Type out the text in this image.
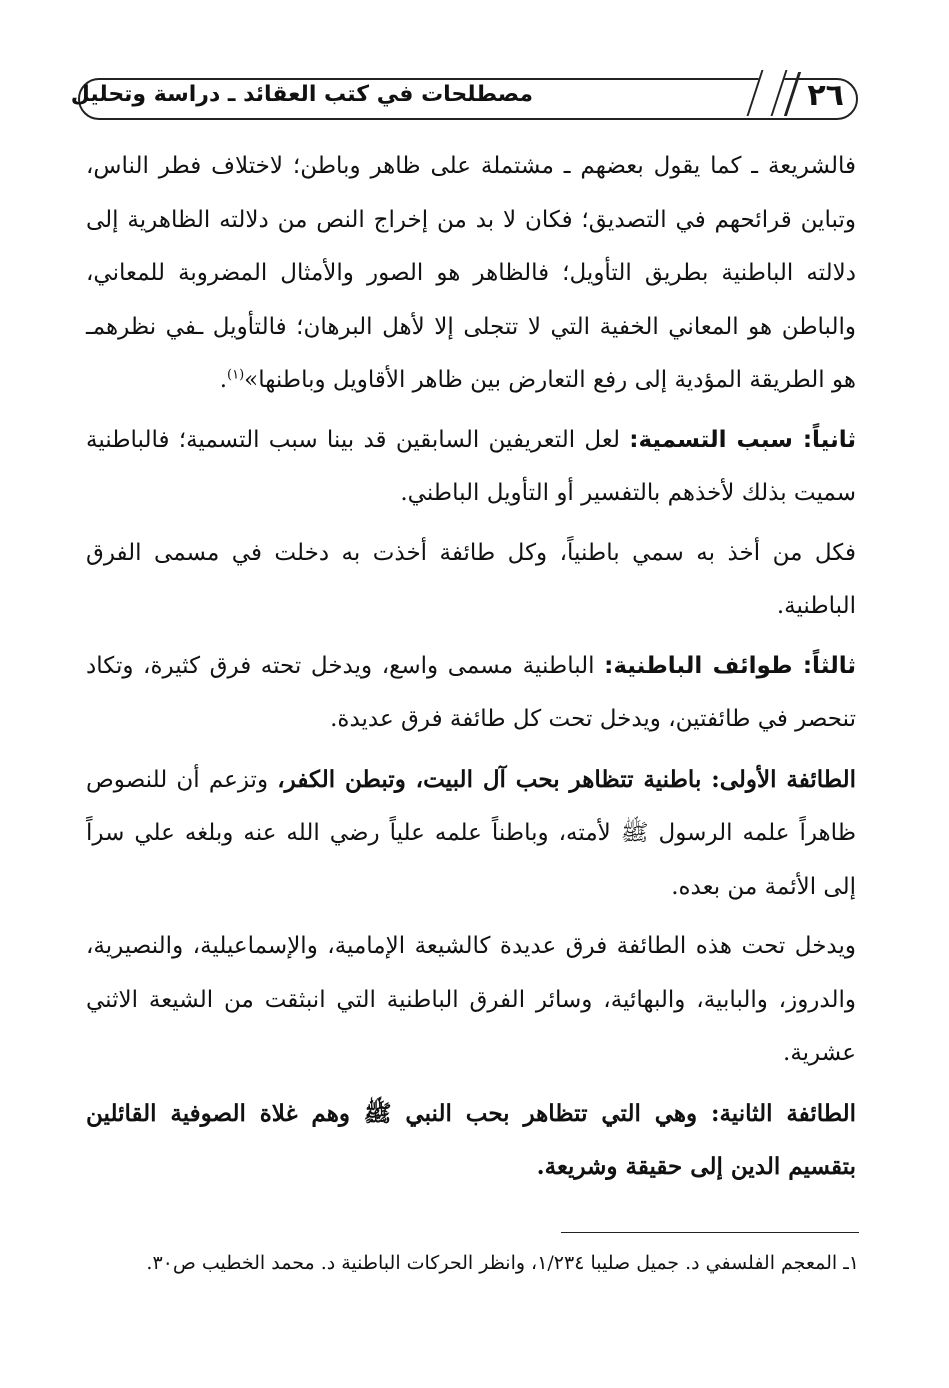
٢٦
مصطلحات في كتب العقائد ـ دراسة وتحليل

فالشريعة ـ كما يقول بعضهم ـ مشتملة على ظاهر وباطن؛ لاختلاف فطر الناس، وتباين قرائحهم في التصديق؛ فكان لا بد من إخراج النص من دلالته الظاهرية إلى دلالته الباطنية بطريق التأويل؛ فالظاهر هو الصور والأمثال المضروبة للمعاني، والباطن هو المعاني الخفية التي لا تتجلى إلا لأهل البرهان؛ فالتأويل ـفي نظرهمـ هو الطريقة المؤدية إلى رفع التعارض بين ظاهر الأقاويل وباطنها»$^{(١)}$.

ثانياً: سبب التسمية: لعل التعريفين السابقين قد بينا سبب التسمية؛ فالباطنية سميت بذلك لأخذهم بالتفسير أو التأويل الباطني.

فكل من أخذ به سمي باطنياً، وكل طائفة أخذت به دخلت في مسمى الفرق الباطنية.

ثالثاً: طوائف الباطنية: الباطنية مسمى واسع، ويدخل تحته فرق كثيرة، وتكاد تنحصر في طائفتين، ويدخل تحت كل طائفة فرق عديدة.

الطائفة الأولى: باطنية تتظاهر بحب آل البيت، وتبطن الكفر، وتزعم أن للنصوص ظاهراً علمه الرسول ﷺ لأمته، وباطناً علمه علياً رضي الله عنه وبلغه علي سراً إلى الأئمة من بعده.

ويدخل تحت هذه الطائفة فرق عديدة كالشيعة الإمامية، والإسماعيلية، والنصيرية، والدروز، والبابية، والبهائية، وسائر الفرق الباطنية التي انبثقت من الشيعة الاثني عشرية.

الطائفة الثانية: وهي التي تتظاهر بحب النبي ﷺ وهم غلاة الصوفية القائلين بتقسيم الدين إلى حقيقة وشريعة.

١ـ المعجم الفلسفي د. جميل صليبا ١/٢٣٤، وانظر الحركات الباطنية د. محمد الخطيب ص٣٠.
